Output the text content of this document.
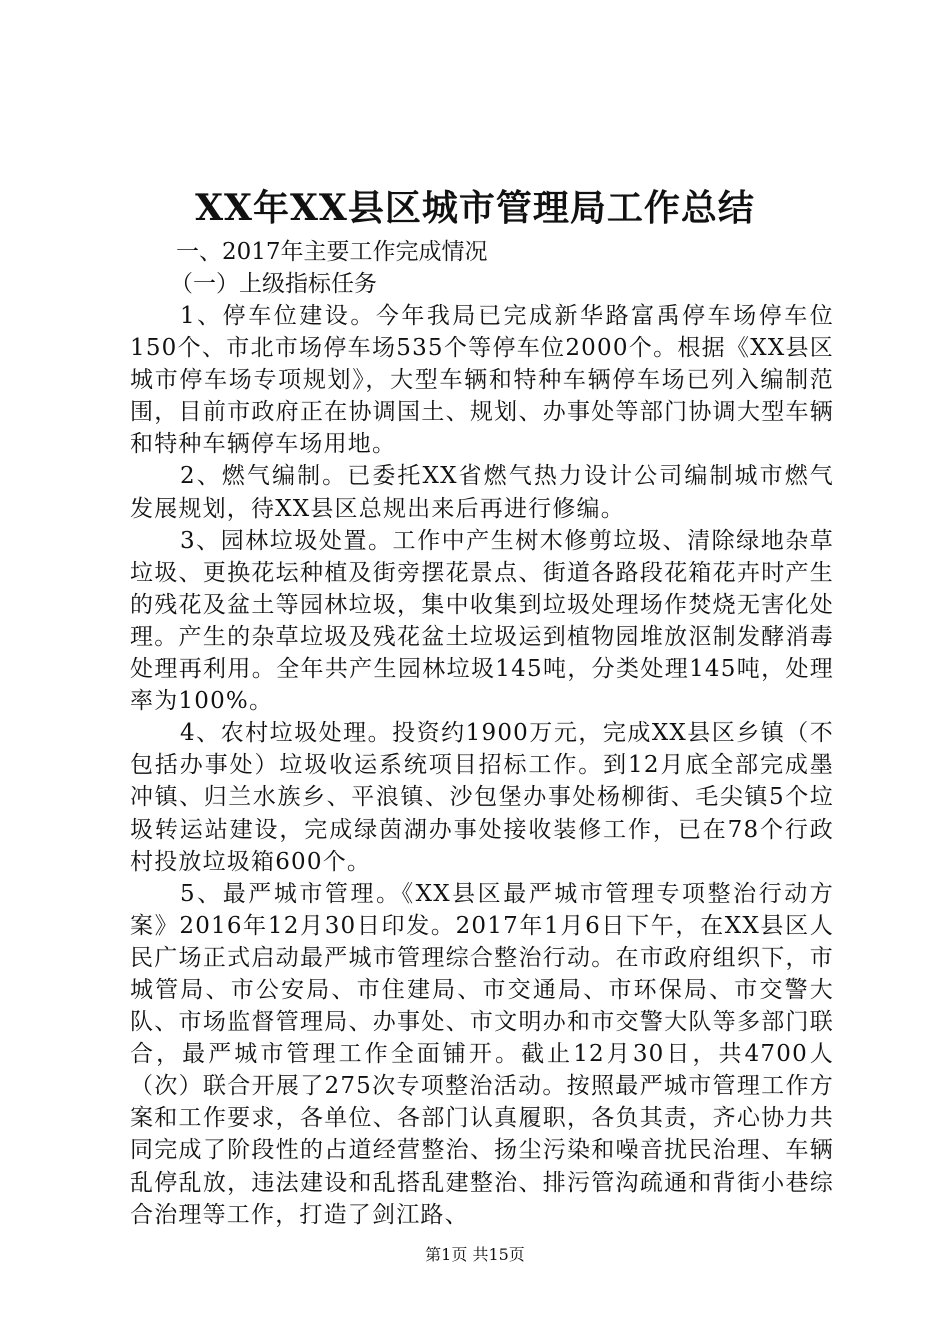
XX年XX县区城市管理局工作总结

一、2017年主要工作完成情况

（一）上级指标任务

1、停车位建设。今年我局已完成新华路富禹停车场停车位150个、市北市场停车场535个等停车位2000个。根据《XX县区城市停车场专项规划》，大型车辆和特种车辆停车场已列入编制范围，目前市政府正在协调国土、规划、办事处等部门协调大型车辆和特种车辆停车场用地。

2、燃气编制。已委托XX省燃气热力设计公司编制城市燃气发展规划，待XX县区总规出来后再进行修编。

3、园林垃圾处置。工作中产生树木修剪垃圾、清除绿地杂草垃圾、更换花坛种植及街旁摆花景点、街道各路段花箱花卉时产生的残花及盆土等园林垃圾，集中收集到垃圾处理场作焚烧无害化处理。产生的杂草垃圾及残花盆土垃圾运到植物园堆放沤制发酵消毒处理再利用。全年共产生园林垃圾145吨，分类处理145吨，处理率为100%。

4、农村垃圾处理。投资约1900万元，完成XX县区乡镇（不包括办事处）垃圾收运系统项目招标工作。到12月底全部完成墨冲镇、归兰水族乡、平浪镇、沙包堡办事处杨柳街、毛尖镇5个垃圾转运站建设，完成绿茵湖办事处接收装修工作，已在78个行政村投放垃圾箱600个。

5、最严城市管理。《XX县区最严城市管理专项整治行动方案》2016年12月30日印发。2017年1月6日下午，在XX县区人民广场正式启动最严城市管理综合整治行动。在市政府组织下，市城管局、市公安局、市住建局、市交通局、市环保局、市交警大队、市场监督管理局、办事处、市文明办和市交警大队等多部门联合，最严城市管理工作全面铺开。截止12月30日，共4700人（次）联合开展了275次专项整治活动。按照最严城市管理工作方案和工作要求，各单位、各部门认真履职，各负其责，齐心协力共同完成了阶段性的占道经营整治、扬尘污染和噪音扰民治理、车辆乱停乱放，违法建设和乱搭乱建整治、排污管沟疏通和背街小巷综合治理等工作，打造了剑江路、

第1页 共15页
